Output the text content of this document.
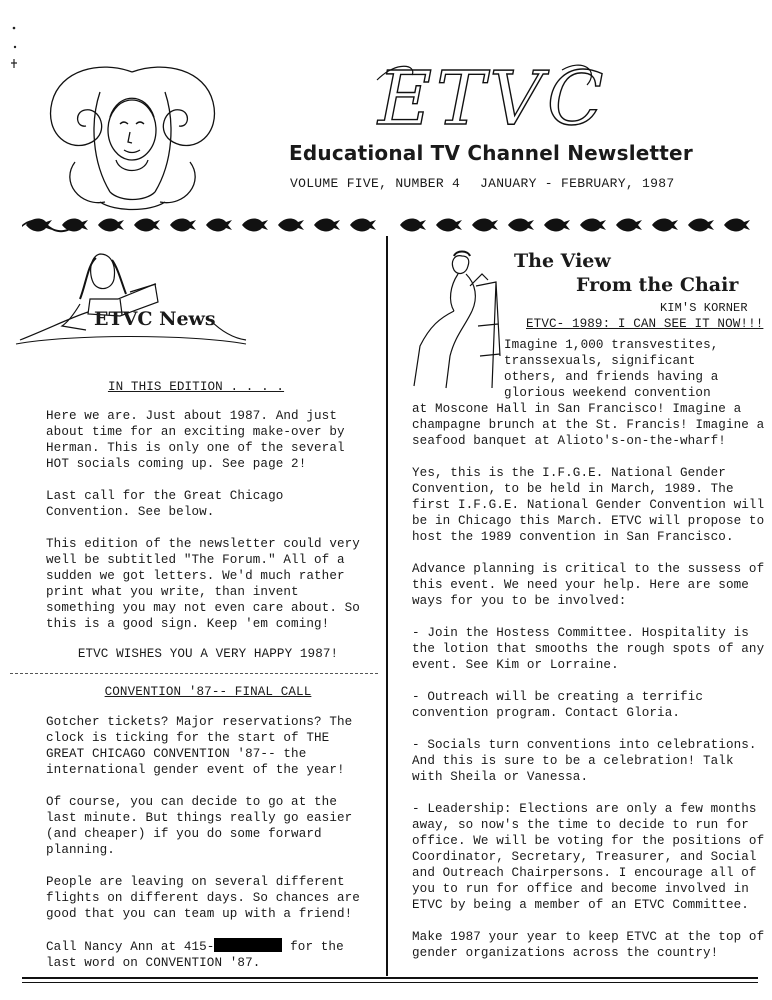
ETVC
Educational TV Channel Newsletter
VOLUME FIVE, NUMBER 4 JANUARY - FEBRUARY, 1987
ETVC News
IN THIS EDITION . . . .

Here we are. Just about 1987. And just about time for an exciting make-over by Herman. This is only one of the several HOT socials coming up. See page 2!

Last call for the Great Chicago Convention. See below.

This edition of the newsletter could very well be subtitled "The Forum." All of a sudden we got letters. We'd much rather print what you write, than invent something you may not even care about. So this is a good sign. Keep 'em coming!

ETVC WISHES YOU A VERY HAPPY 1987!

CONVENTION '87-- FINAL CALL

Gotcher tickets? Major reservations? The clock is ticking for the start of THE GREAT CHICAGO CONVENTION '87-- the international gender event of the year!

Of course, you can decide to go at the last minute. But things really go easier (and cheaper) if you do some forward planning.

People are leaving on several different flights on different days. So chances are good that you can team up with a friend!

Call Nancy Ann at 415-	for the last word on CONVENTION '87.

The View
From the Chair
KIM'S KORNER
ETVC- 1989: I CAN SEE IT NOW!!!
Imagine 1,000 transvestites,
transsexuals, significant
others, and friends having a
glorious weekend convention

at Moscone Hall in San Francisco! Imagine a champagne brunch at the St. Francis! Imagine a seafood banquet at Alioto's-on-the-wharf!

Yes, this is the I.F.G.E. National Gender Convention, to be held in March, 1989. The first I.F.G.E. National Gender Convention will be in Chicago this March. ETVC will propose to host the 1989 convention in San Francisco.

Advance planning is critical to the sussess of this event. We need your help. Here are some ways for you to be involved:

- Join the Hostess Committee. Hospitality is the lotion that smooths the rough spots of any event. See Kim or Lorraine.

- Outreach will be creating a terrific convention program. Contact Gloria.

- Socials turn conventions into celebrations. And this is sure to be a celebration! Talk with Sheila or Vanessa.

- Leadership: Elections are only a few months away, so now's the time to decide to run for office. We will be voting for the positions of Coordinator, Secretary, Treasurer, and Social and Outreach Chairpersons. I encourage all of you to run for office and become involved in ETVC by being a member of an ETVC Committee.

Make 1987 your year to keep ETVC at the top of gender organizations across the country!
